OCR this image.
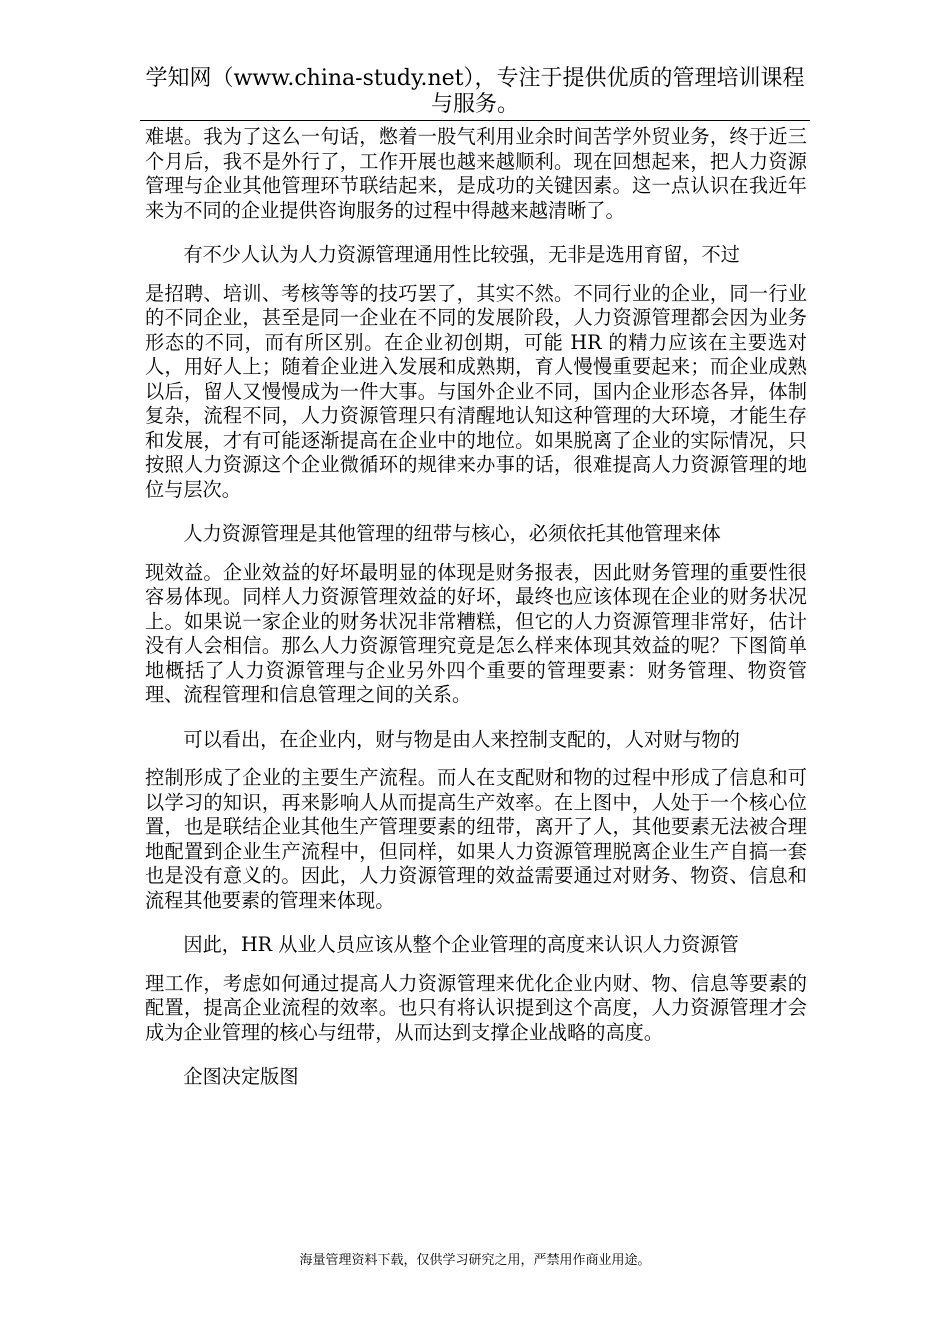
学知网（www.china-study.net），专注于提供优质的管理培训课程与服务。

难堪。我为了这么一句话，憋着一股气利用业余时间苦学外贸业务，终于近三个月后，我不是外行了，工作开展也越来越顺利。现在回想起来，把人力资源管理与企业其他管理环节联结起来，是成功的关键因素。这一点认识在我近年来为不同的企业提供咨询服务的过程中得越来越清晰了。

有不少人认为人力资源管理通用性比较强，无非是选用育留，不过
是招聘、培训、考核等等的技巧罢了，其实不然。不同行业的企业，同一行业的不同企业，甚至是同一企业在不同的发展阶段，人力资源管理都会因为业务形态的不同，而有所区别。在企业初创期，可能 HR 的精力应该在主要选对人，用好人上；随着企业进入发展和成熟期，育人慢慢重要起来；而企业成熟以后，留人又慢慢成为一件大事。与国外企业不同，国内企业形态各异，体制复杂，流程不同，人力资源管理只有清醒地认知这种管理的大环境，才能生存和发展，才有可能逐渐提高在企业中的地位。如果脱离了企业的实际情况，只按照人力资源这个企业微循环的规律来办事的话，很难提高人力资源管理的地位与层次。

人力资源管理是其他管理的纽带与核心，必须依托其他管理来体
现效益。企业效益的好坏最明显的体现是财务报表，因此财务管理的重要性很容易体现。同样人力资源管理效益的好坏，最终也应该体现在企业的财务状况上。如果说一家企业的财务状况非常糟糕，但它的人力资源管理非常好，估计没有人会相信。那么人力资源管理究竟是怎么样来体现其效益的呢？下图简单地概括了人力资源管理与企业另外四个重要的管理要素：财务管理、物资管理、流程管理和信息管理之间的关系。

可以看出，在企业内，财与物是由人来控制支配的，人对财与物的
控制形成了企业的主要生产流程。而人在支配财和物的过程中形成了信息和可以学习的知识，再来影响人从而提高生产效率。在上图中，人处于一个核心位置，也是联结企业其他生产管理要素的纽带，离开了人，其他要素无法被合理地配置到企业生产流程中，但同样，如果人力资源管理脱离企业生产自搞一套也是没有意义的。因此，人力资源管理的效益需要通过对财务、物资、信息和流程其他要素的管理来体现。

因此，HR 从业人员应该从整个企业管理的高度来认识人力资源管
理工作，考虑如何通过提高人力资源管理来优化企业内财、物、信息等要素的配置，提高企业流程的效率。也只有将认识提到这个高度，人力资源管理才会成为企业管理的核心与纽带，从而达到支撑企业战略的高度。

企图决定版图

海量管理资料下载，仅供学习研究之用，严禁用作商业用途。
